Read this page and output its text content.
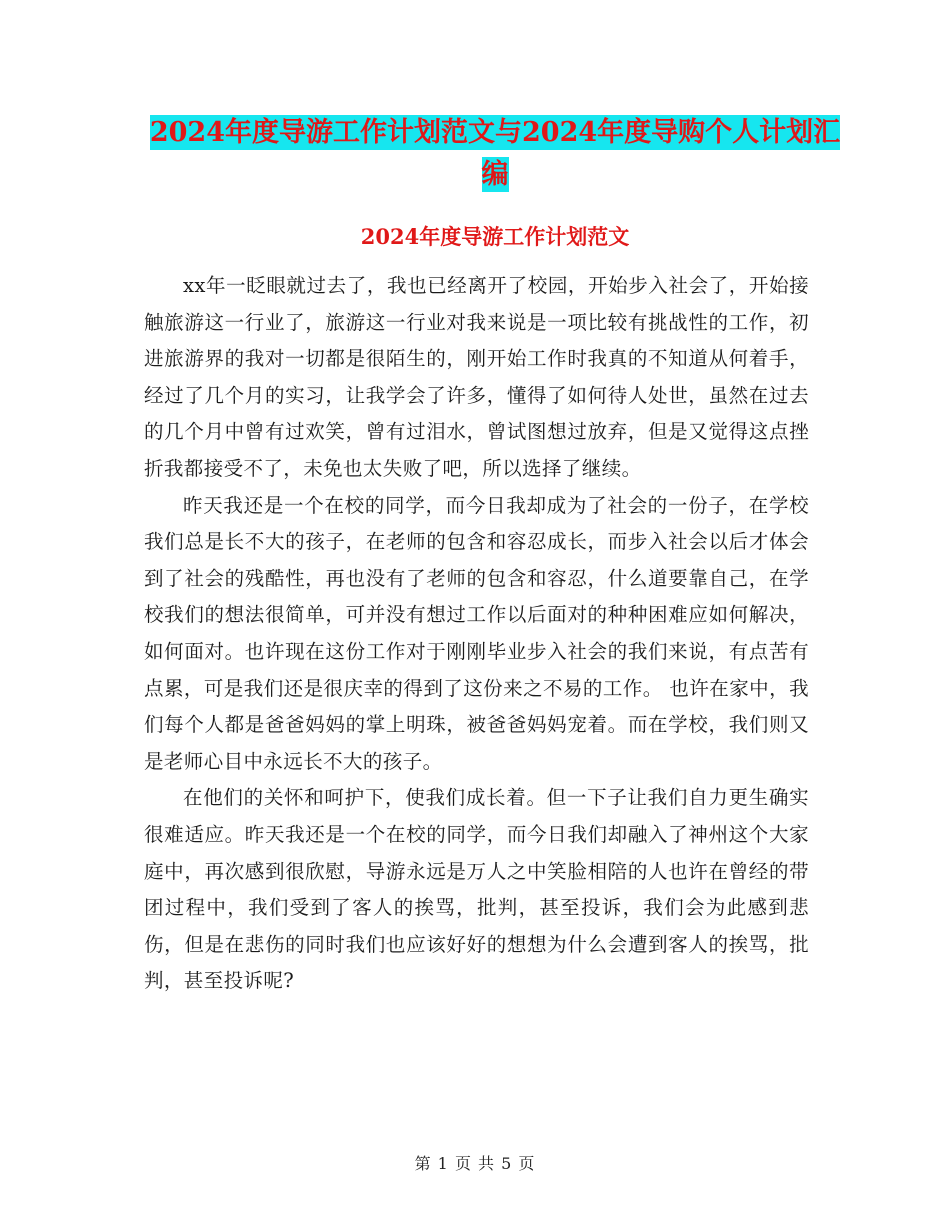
2024年度导游工作计划范文与2024年度导购个人计划汇编
2024年度导游工作计划范文

xx年一眨眼就过去了，我也已经离开了校园，开始步入社会了，开始接触旅游这一行业了，旅游这一行业对我来说是一项比较有挑战性的工作，初进旅游界的我对一切都是很陌生的，刚开始工作时我真的不知道从何着手，经过了几个月的实习，让我学会了许多，懂得了如何待人处世，虽然在过去的几个月中曾有过欢笑，曾有过泪水，曾试图想过放弃，但是又觉得这点挫折我都接受不了，未免也太失败了吧，所以选择了继续。

昨天我还是一个在校的同学，而今日我却成为了社会的一份子，在学校我们总是长不大的孩子，在老师的包含和容忍成长，而步入社会以后才体会到了社会的残酷性，再也没有了老师的包含和容忍，什么道要靠自己，在学校我们的想法很简单，可并没有想过工作以后面对的种种困难应如何解决，如何面对。也许现在这份工作对于刚刚毕业步入社会的我们来说，有点苦有点累，可是我们还是很庆幸的得到了这份来之不易的工作。 也许在家中，我们每个人都是爸爸妈妈的掌上明珠，被爸爸妈妈宠着。而在学校，我们则又是老师心目中永远长不大的孩子。

在他们的关怀和呵护下，使我们成长着。但一下子让我们自力更生确实很难适应。昨天我还是一个在校的同学，而今日我们却融入了神州这个大家庭中，再次感到很欣慰，导游永远是万人之中笑脸相陪的人也许在曾经的带团过程中，我们受到了客人的挨骂，批判，甚至投诉，我们会为此感到悲伤，但是在悲伤的同时我们也应该好好的想想为什么会遭到客人的挨骂，批判，甚至投诉呢?

第 1 页 共 5 页
